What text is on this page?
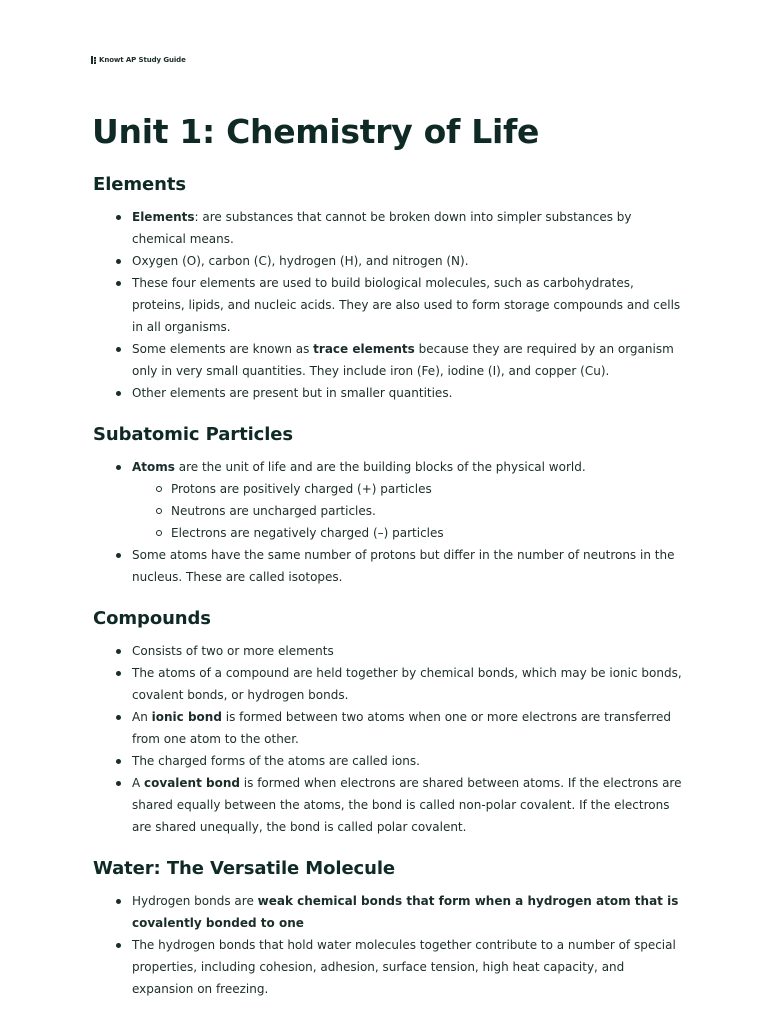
Knowt AP Study Guide
Unit 1: Chemistry of Life
Elements
Elements: are substances that cannot be broken down into simpler substances by chemical means.
Oxygen (O), carbon (C), hydrogen (H), and nitrogen (N).
These four elements are used to build biological molecules, such as carbohydrates, proteins, lipids, and nucleic acids. They are also used to form storage compounds and cells in all organisms.
Some elements are known as trace elements because they are required by an organism only in very small quantities. They include iron (Fe), iodine (I), and copper (Cu).
Other elements are present but in smaller quantities.
Subatomic Particles
Atoms are the unit of life and are the building blocks of the physical world.
Protons are positively charged (+) particles
Neutrons are uncharged particles.
Electrons are negatively charged (–) particles
Some atoms have the same number of protons but differ in the number of neutrons in the nucleus. These are called isotopes.
Compounds
Consists of two or more elements
The atoms of a compound are held together by chemical bonds, which may be ionic bonds, covalent bonds, or hydrogen bonds.
An ionic bond is formed between two atoms when one or more electrons are transferred from one atom to the other.
The charged forms of the atoms are called ions.
A covalent bond is formed when electrons are shared between atoms. If the electrons are shared equally between the atoms, the bond is called non-polar covalent. If the electrons are shared unequally, the bond is called polar covalent.
Water: The Versatile Molecule
Hydrogen bonds are weak chemical bonds that form when a hydrogen atom that is covalently bonded to one
The hydrogen bonds that hold water molecules together contribute to a number of special properties, including cohesion, adhesion, surface tension, high heat capacity, and expansion on freezing.
